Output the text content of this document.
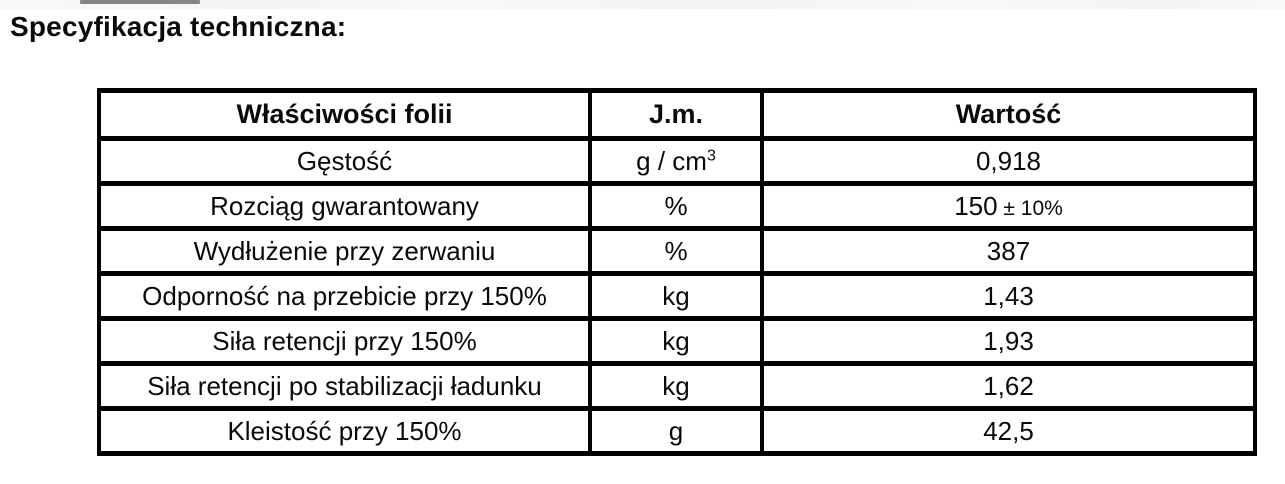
Specyfikacja techniczna:
Właściwości folii	J.m.	Wartość
Gęstość	g / $cm^3$	0,918
Rozciąg gwarantowany	%	150 ± 10%
Wydłużenie przy zerwaniu	%	387
Odporność na przebicie przy 150%	kg	1,43
Siła retencji przy 150%	kg	1,93
Siła retencji po stabilizacji ładunku	kg	1,62
Kleistość przy 150%	g	42,5
